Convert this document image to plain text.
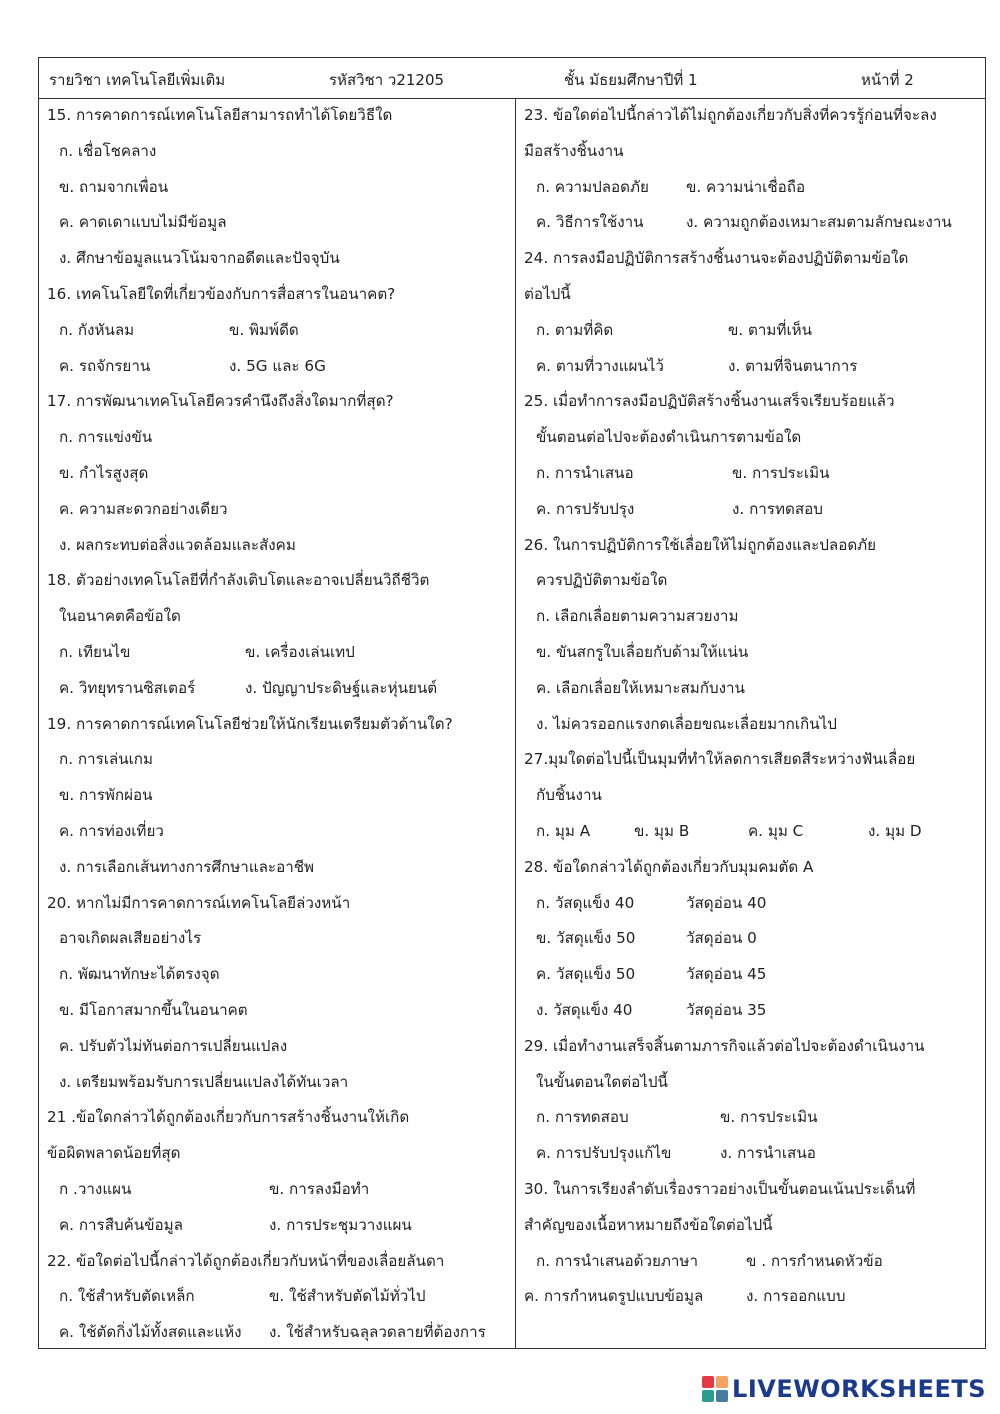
รายวิชา เทคโนโลยีเพิ่มเติม	รหัสวิชา ว21205	ชั้น มัธยมศึกษาปีที่ 1	หน้าที่ 2
15. การคาดการณ์เทคโนโลยีสามารถทำได้โดยวิธีใด
ก. เชื่อโชคลาง
ข. ถามจากเพื่อน
ค. คาดเดาแบบไม่มีข้อมูล
ง. ศึกษาข้อมูลแนวโน้มจากอดีตและปัจจุบัน
16. เทคโนโลยีใดที่เกี่ยวข้องกับการสื่อสารในอนาคต?
ก. กังหันลม	ข. พิมพ์ดีด
ค. รถจักรยาน	ง. 5G และ 6G
17. การพัฒนาเทคโนโลยีควรคำนึงถึงสิ่งใดมากที่สุด?
ก. การแข่งขัน
ข. กำไรสูงสุด
ค. ความสะดวกอย่างเดียว
ง. ผลกระทบต่อสิ่งแวดล้อมและสังคม
18. ตัวอย่างเทคโนโลยีที่กำลังเติบโตและอาจเปลี่ยนวิถีชีวิต
ในอนาคตคือข้อใด
ก. เทียนไข	ข. เครื่องเล่นเทป
ค. วิทยุทรานซิสเตอร์	ง. ปัญญาประดิษฐ์และหุ่นยนต์
19. การคาดการณ์เทคโนโลยีช่วยให้นักเรียนเตรียมตัวด้านใด?
ก. การเล่นเกม
ข. การพักผ่อน
ค. การท่องเที่ยว
ง. การเลือกเส้นทางการศึกษาและอาชีพ
20. หากไม่มีการคาดการณ์เทคโนโลยีล่วงหน้า
อาจเกิดผลเสียอย่างไร
ก. พัฒนาทักษะได้ตรงจุด
ข. มีโอกาสมากขึ้นในอนาคต
ค. ปรับตัวไม่ทันต่อการเปลี่ยนแปลง
ง. เตรียมพร้อมรับการเปลี่ยนแปลงได้ทันเวลา
21 .ข้อใดกล่าวได้ถูกต้องเกี่ยวกับการสร้างชิ้นงานให้เกิด
ข้อผิดพลาดน้อยที่สุด
ก .วางแผน	ข. การลงมือทำ
ค. การสืบค้นข้อมูล	ง. การประชุมวางแผน
22. ข้อใดต่อไปนี้กล่าวได้ถูกต้องเกี่ยวกับหน้าที่ของเลื่อยลันดา
ก. ใช้สำหรับตัดเหล็ก	ข. ใช้สำหรับตัดไม้ทั่วไป
ค. ใช้ตัดกิ่งไม้ทั้งสดและแห้ง ง. ใช้สำหรับฉลุลวดลายที่ต้องการ
23. ข้อใดต่อไปนี้กล่าวได้ไม่ถูกต้องเกี่ยวกับสิ่งที่ควรรู้ก่อนที่จะลง
มือสร้างชิ้นงาน
ก. ความปลอดภัย ข. ความน่าเชื่อถือ
ค. วิธีการใช้งาน	ง. ความถูกต้องเหมาะสมตามลักษณะงาน
24. การลงมือปฏิบัติการสร้างชิ้นงานจะต้องปฏิบัติตามข้อใด
ต่อไปนี้
ก. ตามที่คิด	ข. ตามที่เห็น
ค. ตามที่วางแผนไว้	ง. ตามที่จินตนาการ
25. เมื่อทำการลงมือปฏิบัติสร้างชิ้นงานเสร็จเรียบร้อยแล้ว
ขั้นตอนต่อไปจะต้องดำเนินการตามข้อใด
ก. การนำเสนอ	ข. การประเมิน
ค. การปรับปรุง	ง. การทดสอบ
26. ในการปฏิบัติการใช้เลื่อยให้ไม่ถูกต้องและปลอดภัย
ควรปฏิบัติตามข้อใด
ก. เลือกเลื่อยตามความสวยงาม
ข. ขันสกรูใบเลื่อยกับด้ามให้แน่น
ค. เลือกเลื่อยให้เหมาะสมกับงาน
ง. ไม่ควรออกแรงกดเลื่อยขณะเลื่อยมากเกินไป
27.มุมใดต่อไปนี้เป็นมุมที่ทำให้ลดการเสียดสีระหว่างฟันเลื่อย
กับชิ้นงาน
ก. มุม A	ข. มุม B	ค. มุม C	ง. มุม D
28. ข้อใดกล่าวได้ถูกต้องเกี่ยวกับมุมคมตัด A
ก. วัสดุแข็ง 40	วัสดุอ่อน 40
ข. วัสดุแข็ง 50	วัสดุอ่อน 0
ค. วัสดุแข็ง 50	วัสดุอ่อน 45
ง. วัสดุแข็ง 40	วัสดุอ่อน 35
29. เมื่อทำงานเสร็จสิ้นตามภารกิจแล้วต่อไปจะต้องดำเนินงาน
ในขั้นตอนใดต่อไปนี้
ก. การทดสอบ	ข. การประเมิน
ค. การปรับปรุงแก้ไข	ง. การนำเสนอ
30. ในการเรียงลำดับเรื่องราวอย่างเป็นขั้นตอนเน้นประเด็นที่
สำคัญของเนื้อหาหมายถึงข้อใดต่อไปนี้
ก. การนำเสนอด้วยภาษา	ข . การกำหนดหัวข้อ
ค. การกำหนดรูปแบบข้อมูล	ง. การออกแบบ
LIVEWORKSHEETS
